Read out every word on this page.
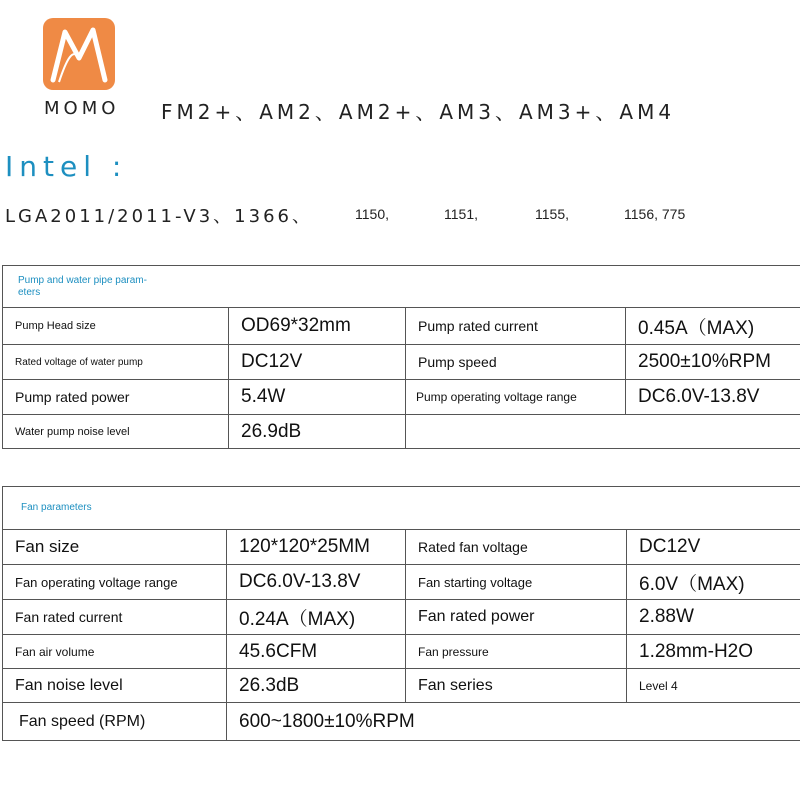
MOMO FM2+、AM2、AM2+、AM3、AM3+、AM4
Intel :
LGA2011/2011-V3、1366、	1150,	1151,	1155,	1156, 775
Pump and water pipe param- eters			

Pump Head size	OD69*32mm	Pump rated current	0.45A（MAX)
Rated voltage of water pump	DC12V	Pump speed	2500±10%RPM
Pump rated power	5.4W	Pump operating voltage range	DC6.0V-13.8V
Water pump noise level	26.9dB		
Fan parameters			
Fan size	120*120*25MM	Rated fan voltage	DC12V
Fan operating voltage range	DC6.0V-13.8V	Fan starting voltage	6.0V（MAX)
Fan rated current	0.24A（MAX)	Fan rated power	2.88W
Fan air volume	45.6CFM	Fan pressure	1.28mm-H2O
Fan noise level	26.3dB	Fan series	Level 4
Fan speed (RPM)	600~1800±10%RPM		
